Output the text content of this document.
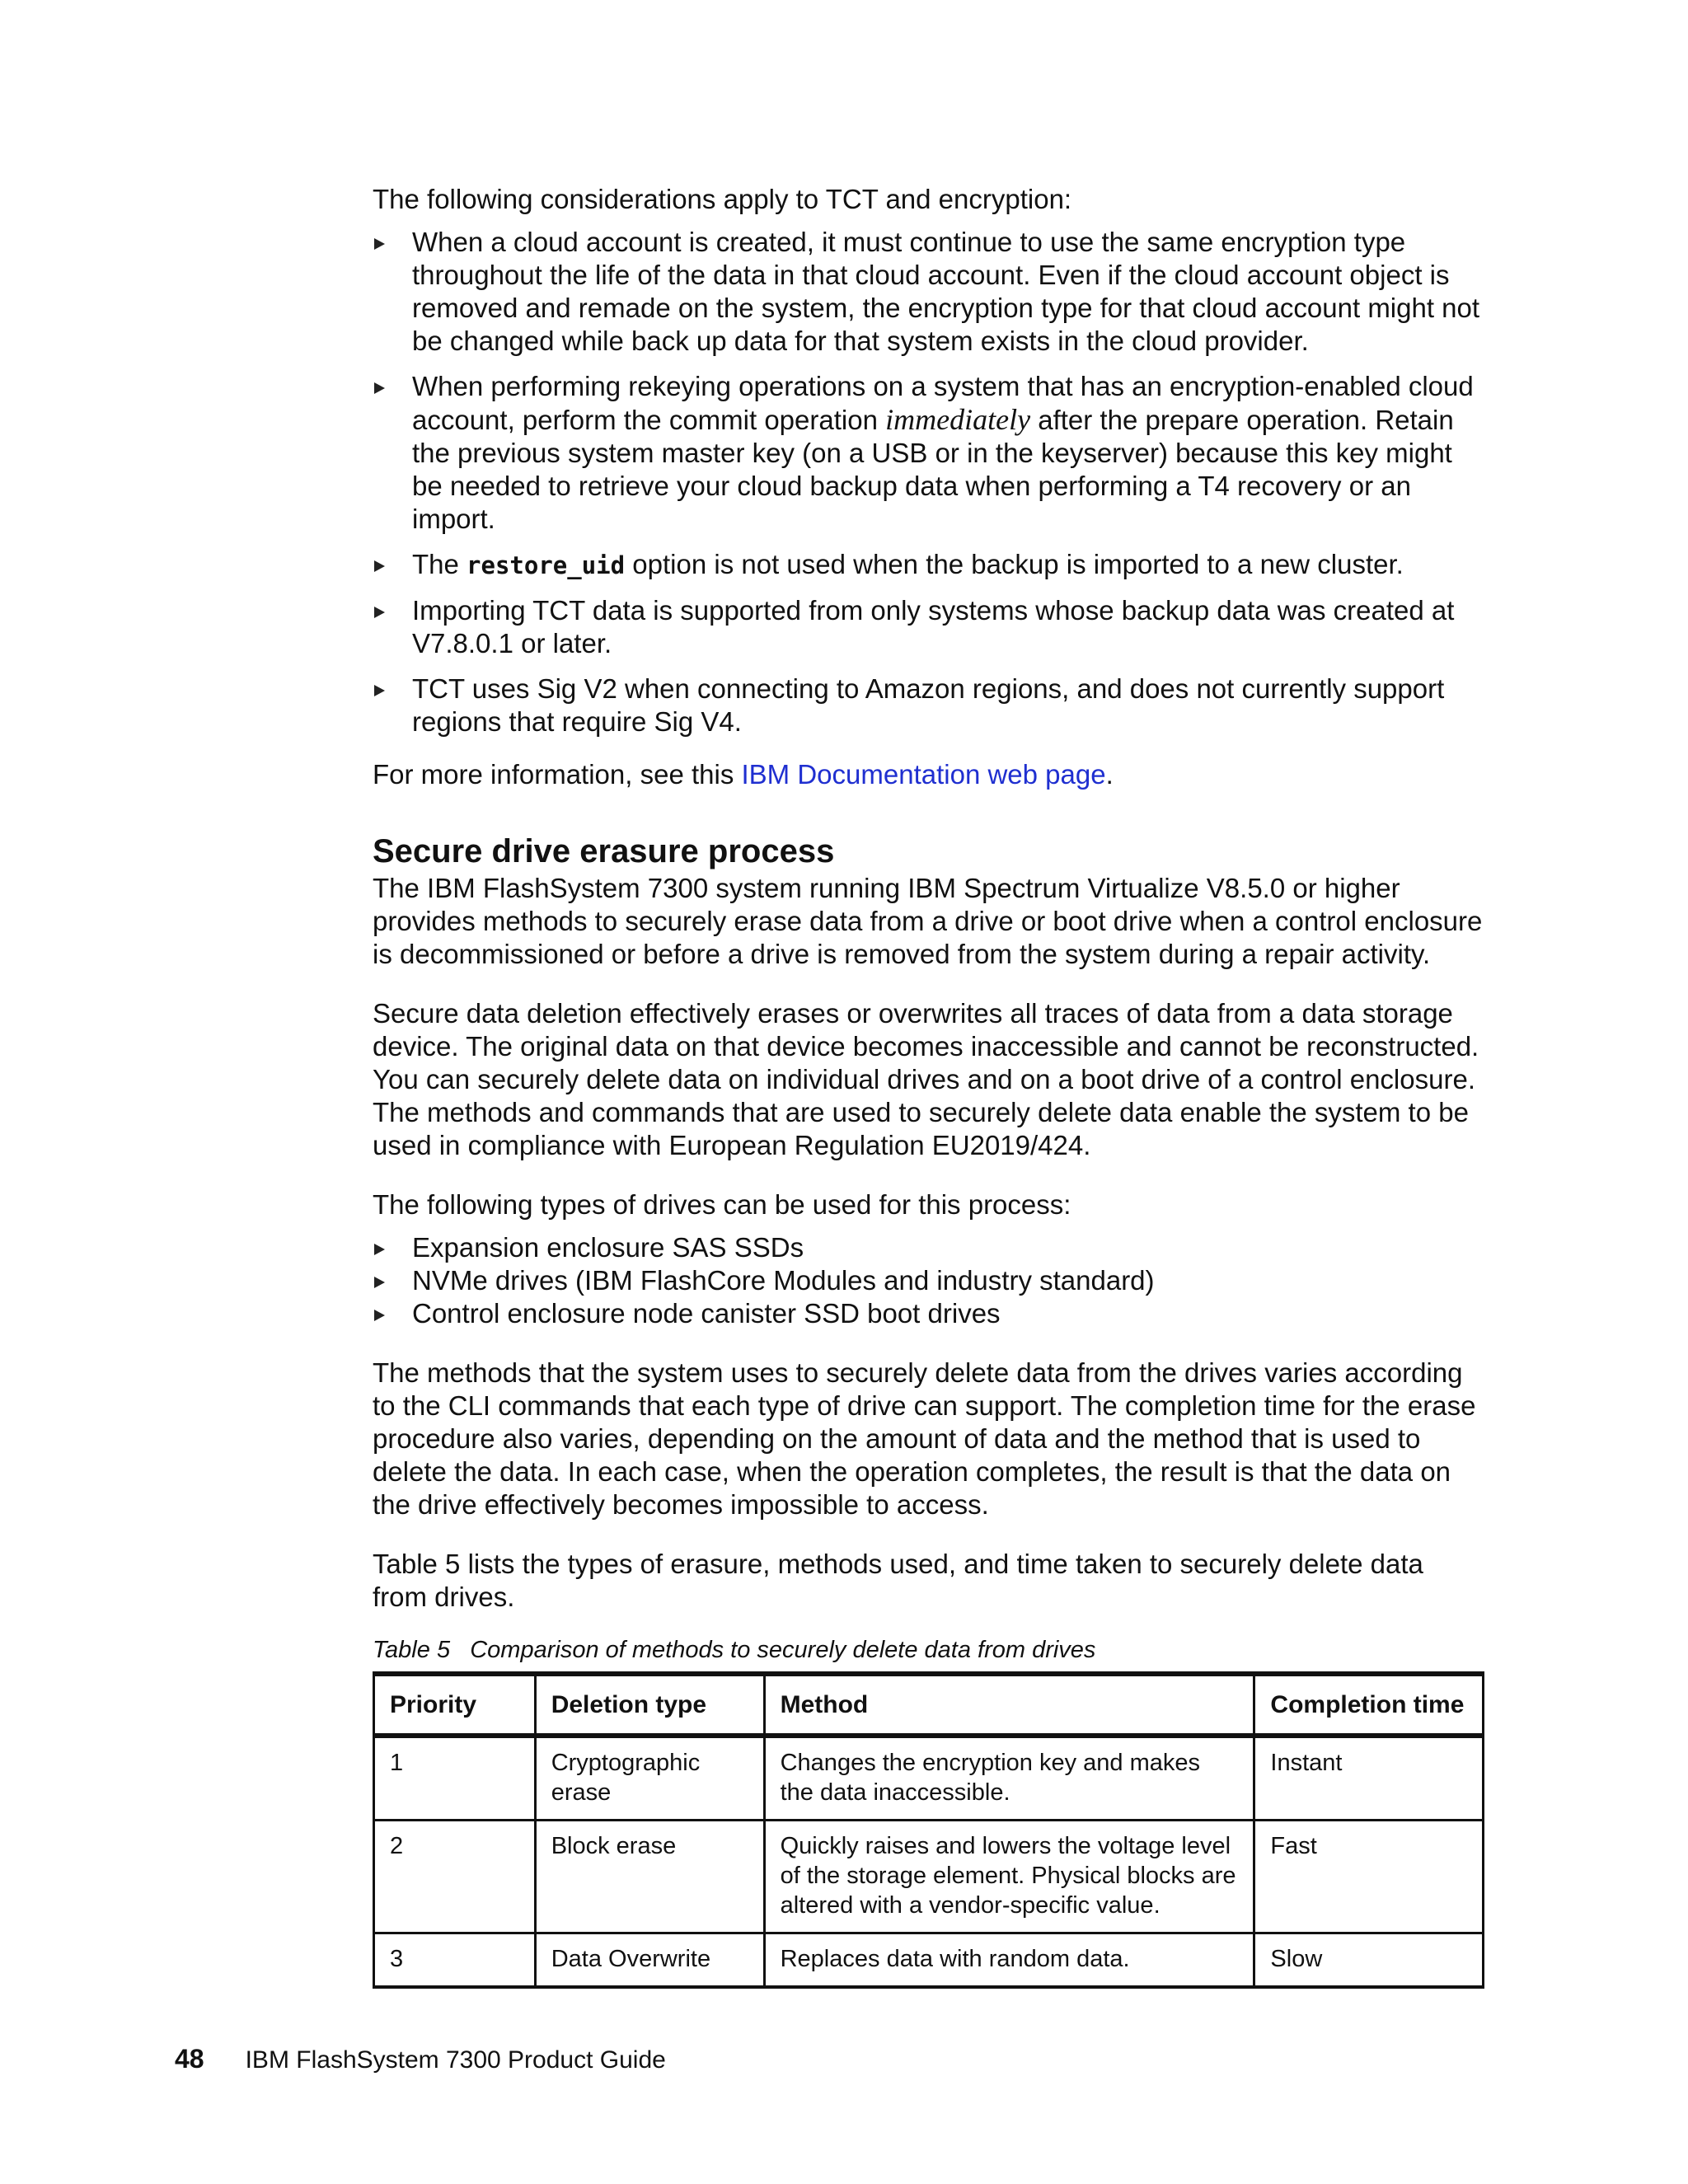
The following considerations apply to TCT and encryption:

When a cloud account is created, it must continue to use the same encryption type throughout the life of the data in that cloud account. Even if the cloud account object is removed and remade on the system, the encryption type for that cloud account might not be changed while back up data for that system exists in the cloud provider.
When performing rekeying operations on a system that has an encryption-enabled cloud account, perform the commit operation immediately after the prepare operation. Retain the previous system master key (on a USB or in the keyserver) because this key might be needed to retrieve your cloud backup data when performing a T4 recovery or an import.
The restore_uid option is not used when the backup is imported to a new cluster.
Importing TCT data is supported from only systems whose backup data was created at V7.8.0.1 or later.
TCT uses Sig V2 when connecting to Amazon regions, and does not currently support regions that require Sig V4.

For more information, see this IBM Documentation web page.

Secure drive erasure process

The IBM FlashSystem 7300 system running IBM Spectrum Virtualize V8.5.0 or higher provides methods to securely erase data from a drive or boot drive when a control enclosure is decommissioned or before a drive is removed from the system during a repair activity.

Secure data deletion effectively erases or overwrites all traces of data from a data storage device. The original data on that device becomes inaccessible and cannot be reconstructed. You can securely delete data on individual drives and on a boot drive of a control enclosure. The methods and commands that are used to securely delete data enable the system to be used in compliance with European Regulation EU2019/424.

The following types of drives can be used for this process:

Expansion enclosure SAS SSDs
NVMe drives (IBM FlashCore Modules and industry standard)
Control enclosure node canister SSD boot drives

The methods that the system uses to securely delete data from the drives varies according to the CLI commands that each type of drive can support. The completion time for the erase procedure also varies, depending on the amount of data and the method that is used to delete the data. In each case, when the operation completes, the result is that the data on the drive effectively becomes impossible to access.

Table 5 lists the types of erasure, methods used, and time taken to securely delete data from drives.

Table 5   Comparison of methods to securely delete data from drives

Priority	Deletion type	Method	Completion time
1	Cryptographic erase	Changes the encryption key and makes the data inaccessible.	Instant
2	Block erase	Quickly raises and lowers the voltage level of the storage element. Physical blocks are altered with a vendor-specific value.	Fast
3	Data Overwrite	Replaces data with random data.	Slow
48 IBM FlashSystem 7300 Product Guide
